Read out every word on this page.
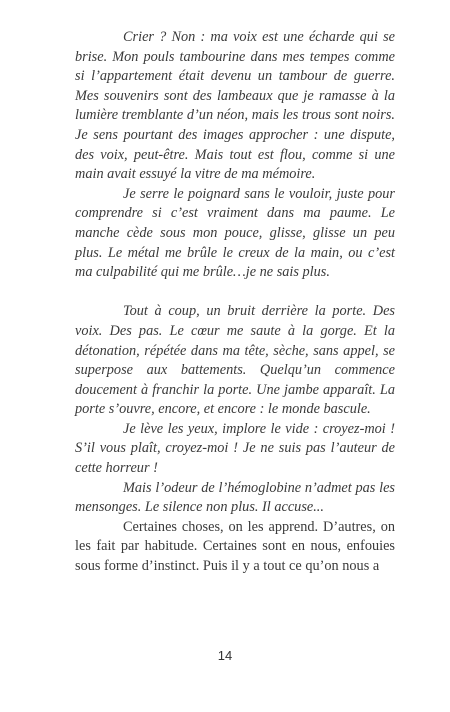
Crier ? Non : ma voix est une écharde qui se brise. Mon pouls tambourine dans mes tempes comme si l’appartement était devenu un tambour de guerre. Mes souvenirs sont des lambeaux que je ramasse à la lumière tremblante d’un néon, mais les trous sont noirs. Je sens pourtant des images approcher : une dispute, des voix, peut-être. Mais tout est flou, comme si une main avait essuyé la vitre de ma mémoire.

Je serre le poignard sans le vouloir, juste pour comprendre si c’est vraiment dans ma paume. Le manche cède sous mon pouce, glisse, glisse un peu plus. Le métal me brûle le creux de la main, ou c’est ma culpabilité qui me brûle…je ne sais plus.

Tout à coup, un bruit derrière la porte. Des voix. Des pas. Le cœur me saute à la gorge. Et la détonation, répétée dans ma tête, sèche, sans appel, se superpose aux battements. Quelqu’un commence doucement à franchir la porte. Une jambe apparaît. La porte s’ouvre, encore, et encore : le monde bascule.

Je lève les yeux, implore le vide : croyez-moi ! S’il vous plaît, croyez-moi ! Je ne suis pas l’auteur de cette horreur !

Mais l’odeur de l’hémoglobine n’admet pas les mensonges. Le silence non plus. Il accuse...

Certaines choses, on les apprend. D’autres, on les fait par habitude. Certaines sont en nous, enfouies sous forme d’instinct. Puis il y a tout ce qu’on nous a

14
